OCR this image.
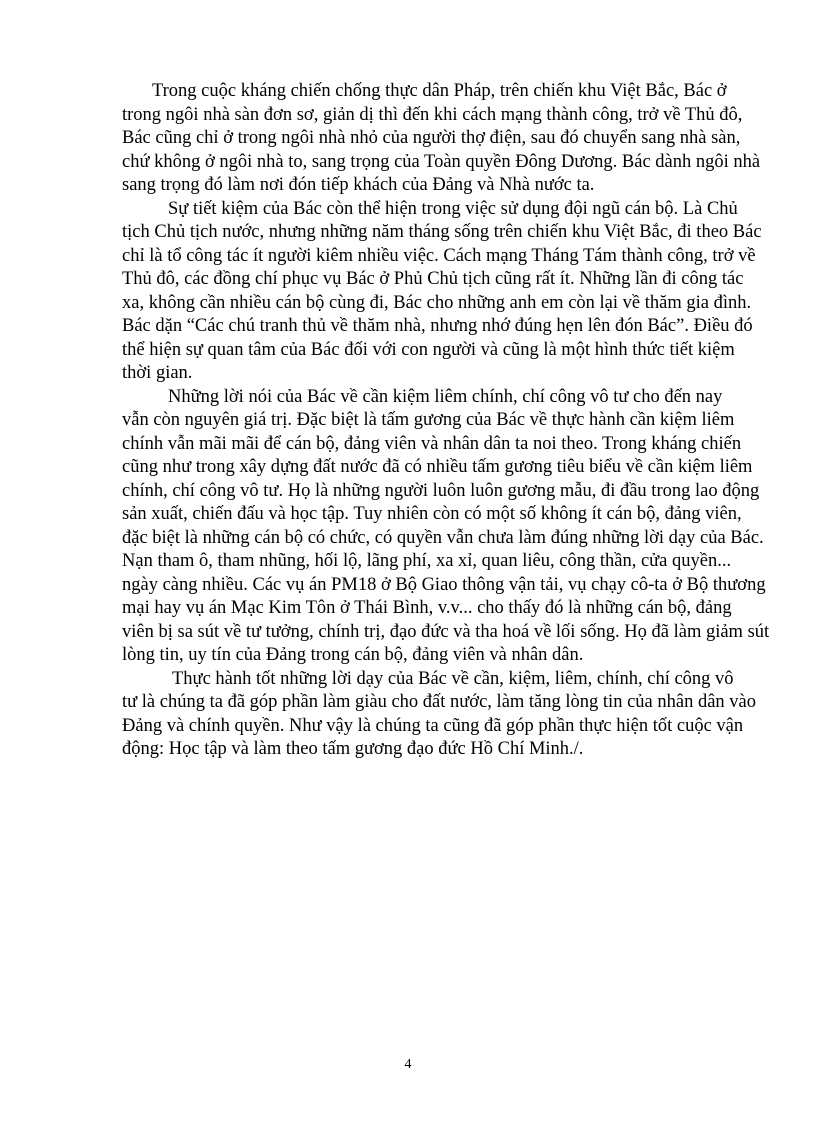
Trong cuộc kháng chiến chống thực dân Pháp, trên chiến khu Việt Bắc, Bác ở
trong ngôi nhà sàn đơn sơ, giản dị thì đến khi cách mạng thành công, trở về Thủ đô,
Bác cũng chỉ ở trong ngôi nhà nhỏ của người thợ điện, sau đó chuyển sang nhà sàn,
chứ không ở ngôi nhà to, sang trọng của Toàn quyền Đông Dương. Bác dành ngôi nhà
sang trọng đó làm nơi đón tiếp khách của Đảng và Nhà nước ta.
Sự tiết kiệm của Bác còn thể hiện trong việc sử dụng đội ngũ cán bộ. Là Chủ
tịch Chủ tịch nước, nhưng những năm tháng sống trên chiến khu Việt Bắc, đi theo Bác
chỉ là tổ công tác ít người kiêm nhiều việc. Cách mạng Tháng Tám thành công, trở về
Thủ đô, các đồng chí phục vụ Bác ở Phủ Chủ tịch cũng rất ít. Những lần đi công tác
xa, không cần nhiều cán bộ cùng đi, Bác cho những anh em còn lại về thăm gia đình.
Bác dặn “Các chú tranh thủ về thăm nhà, nhưng nhớ đúng hẹn lên đón Bác”. Điều đó
thể hiện sự quan tâm của Bác đối với con người và cũng là một hình thức tiết kiệm
thời gian.
Những lời nói của Bác về cần kiệm liêm chính, chí công vô tư cho đến nay
vẫn còn nguyên giá trị. Đặc biệt là tấm gương của Bác về thực hành cần kiệm liêm
chính vẫn mãi mãi để cán bộ, đảng viên và nhân dân ta noi theo. Trong kháng chiến
cũng như trong xây dựng đất nước đã có nhiều tấm gương tiêu biểu về cần kiệm liêm
chính, chí công vô tư. Họ là những người luôn luôn gương mẫu, đi đầu trong lao động
sản xuất, chiến đấu và học tập. Tuy nhiên còn có một số không ít cán bộ, đảng viên,
đặc biệt là những cán bộ có chức, có quyền vẫn chưa làm đúng những lời dạy của Bác.
Nạn tham ô, tham nhũng, hối lộ, lãng phí, xa xỉ, quan liêu, công thần, cửa quyền...
ngày càng nhiều. Các vụ án PM18 ở Bộ Giao thông vận tải, vụ chạy cô-ta ở Bộ thương
mại hay vụ án Mạc Kim Tôn ở Thái Bình, v.v... cho thấy đó là những cán bộ, đảng
viên bị sa sút về tư tưởng, chính trị, đạo đức và tha hoá về lối sống. Họ đã làm giảm sút
lòng tin, uy tín của Đảng trong cán bộ, đảng viên và nhân dân.
Thực hành tốt những lời dạy của Bác về cần, kiệm, liêm, chính, chí công vô
tư là chúng ta đã góp phần làm giàu cho đất nước, làm tăng lòng tin của nhân dân vào
Đảng và chính quyền. Như vậy là chúng ta cũng đã góp phần thực hiện tốt cuộc vận
động: Học tập và làm theo tấm gương đạo đức Hồ Chí Minh./.
4
